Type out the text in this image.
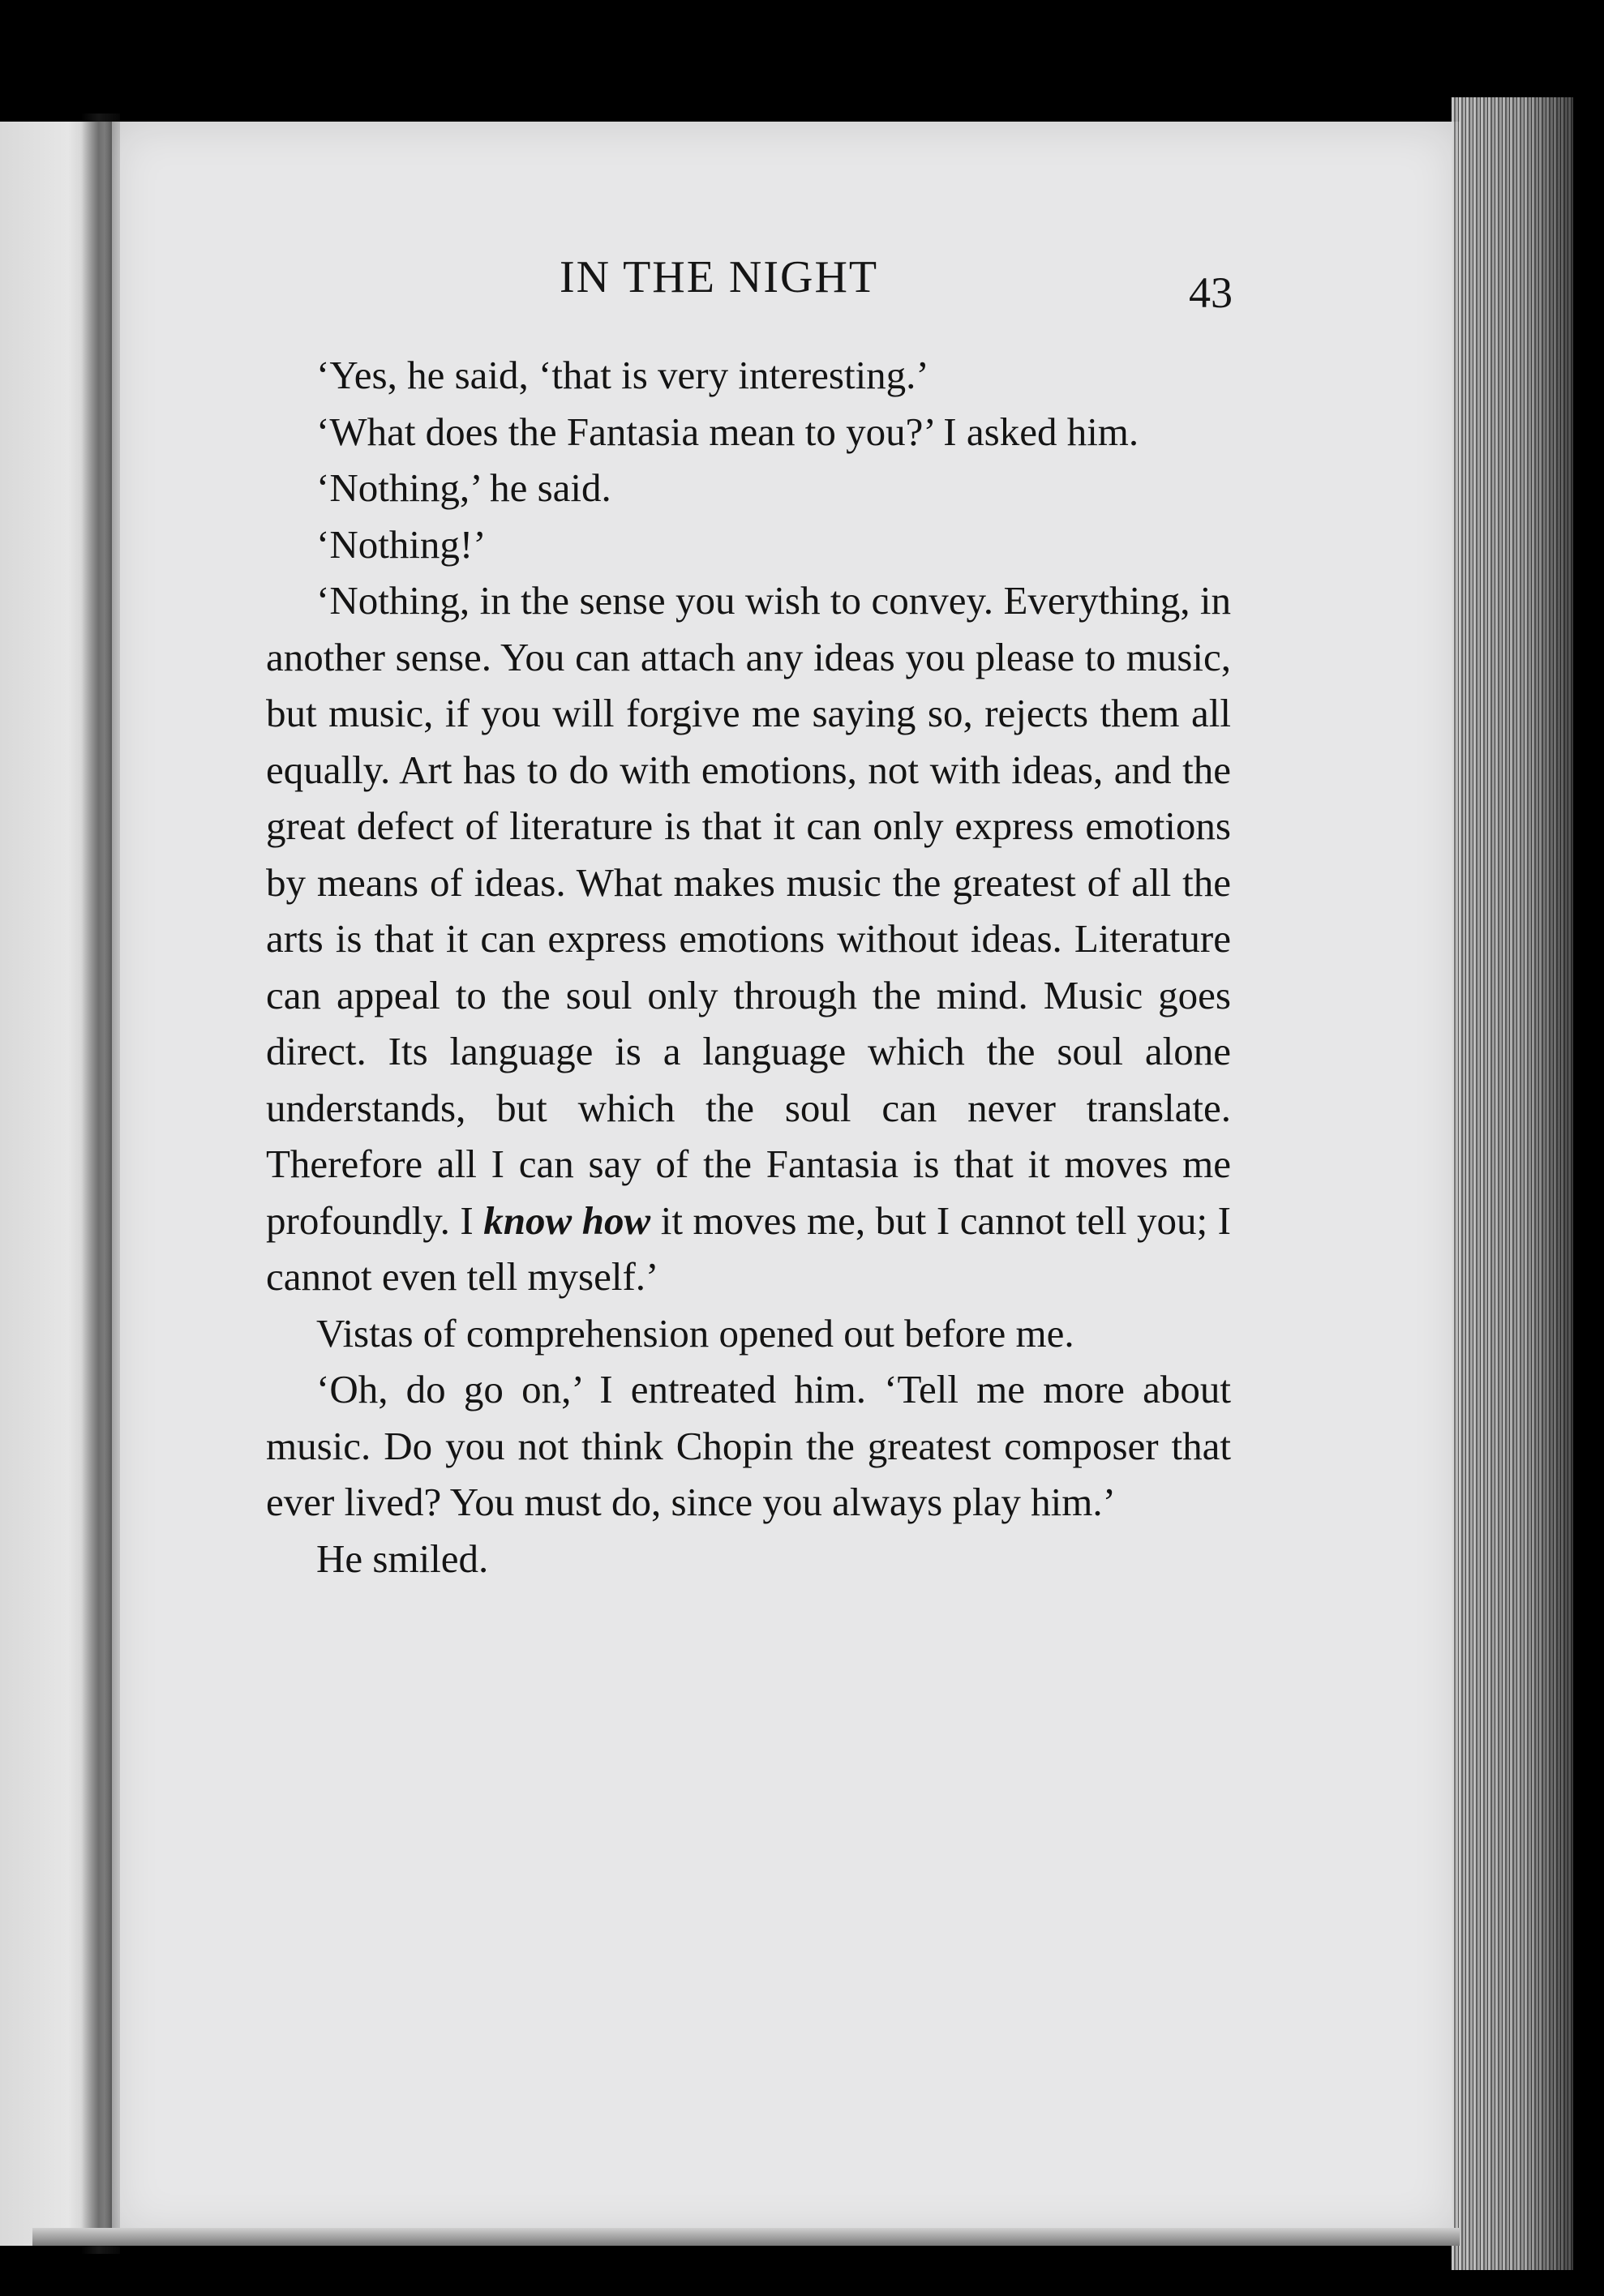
IN THE NIGHT	43

‘Yes, he said, ‘that is very interesting.’

‘What does the Fantasia mean to you?’ I asked him.

‘Nothing,’ he said.

‘Nothing!’

‘Nothing, in the sense you wish to convey. Everything, in another sense. You can attach any ideas you please to music, but music, if you will forgive me saying so, rejects them all equally. Art has to do with emotions, not with ideas, and the great defect of literature is that it can only express emotions by means of ideas. What makes music the greatest of all the arts is that it can express emotions without ideas. Literature can appeal to the soul only through the mind. Music goes direct. Its language is a language which the soul alone understands, but which the soul can never translate. Therefore all I can say of the Fantasia is that it moves me profoundly. I know how it moves me, but I cannot tell you; I cannot even tell myself.’

Vistas of comprehension opened out before me.

‘Oh, do go on,’ I entreated him. ‘Tell me more about music. Do you not think Chopin the greatest composer that ever lived? You must do, since you always play him.’

He smiled.
